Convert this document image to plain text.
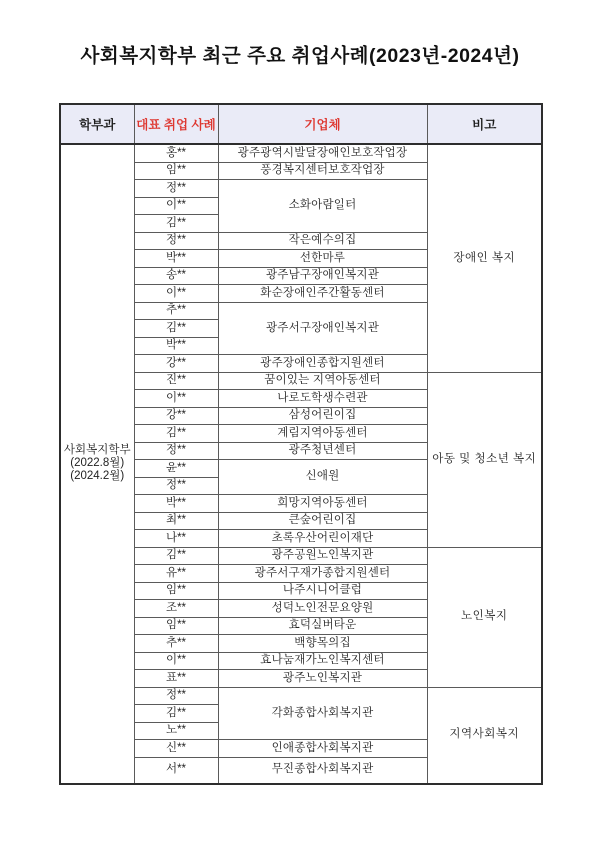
사회복지학부 최근 주요 취업사례(2023년-2024년)
학부과	대표 취업 사례	기업체	비고

사회복지학부
(2022.8월)
(2024.2월)	홍**	광주광역시발달장애인보호작업장	장애인 복지
	임**	풍경복지센터보호작업장	
	정**	소화아람일터	
	이**		
	김**		
	정**	작은예수의집	
	박**	선한마루	
	송**	광주남구장애인복지관	
	이**	화순장애인주간활동센터	
	추**	광주서구장애인복지관	
	김**		
	박**		
	강**	광주장애인종합지원센터	
	진**	꿈이있는 지역아동센터	아동 및 청소년 복지
	이**	나로도학생수련관	
	강**	삼성어린이집	
	김**	계림지역아동센터	
	정**	광주청년센터	
	윤**	신애원	
	정**		
	박**	희망지역아동센터	
	최**	큰숲어린이집	
	나**	초록우산어린이재단	
	김**	광주공원노인복지관	노인복지
	유**	광주서구재가종합지원센터	
	임**	나주시니어클럽	
	조**	성덕노인전문요양원	
	임**	효덕실버타운	
	추**	백향목의집	
	이**	효나눔재가노인복지센터	
	표**	광주노인복지관	
	정**	각화종합사회복지관	지역사회복지
	김**		
	노**		
	신**	인애종합사회복지관	
	서**	무진종합사회복지관	
